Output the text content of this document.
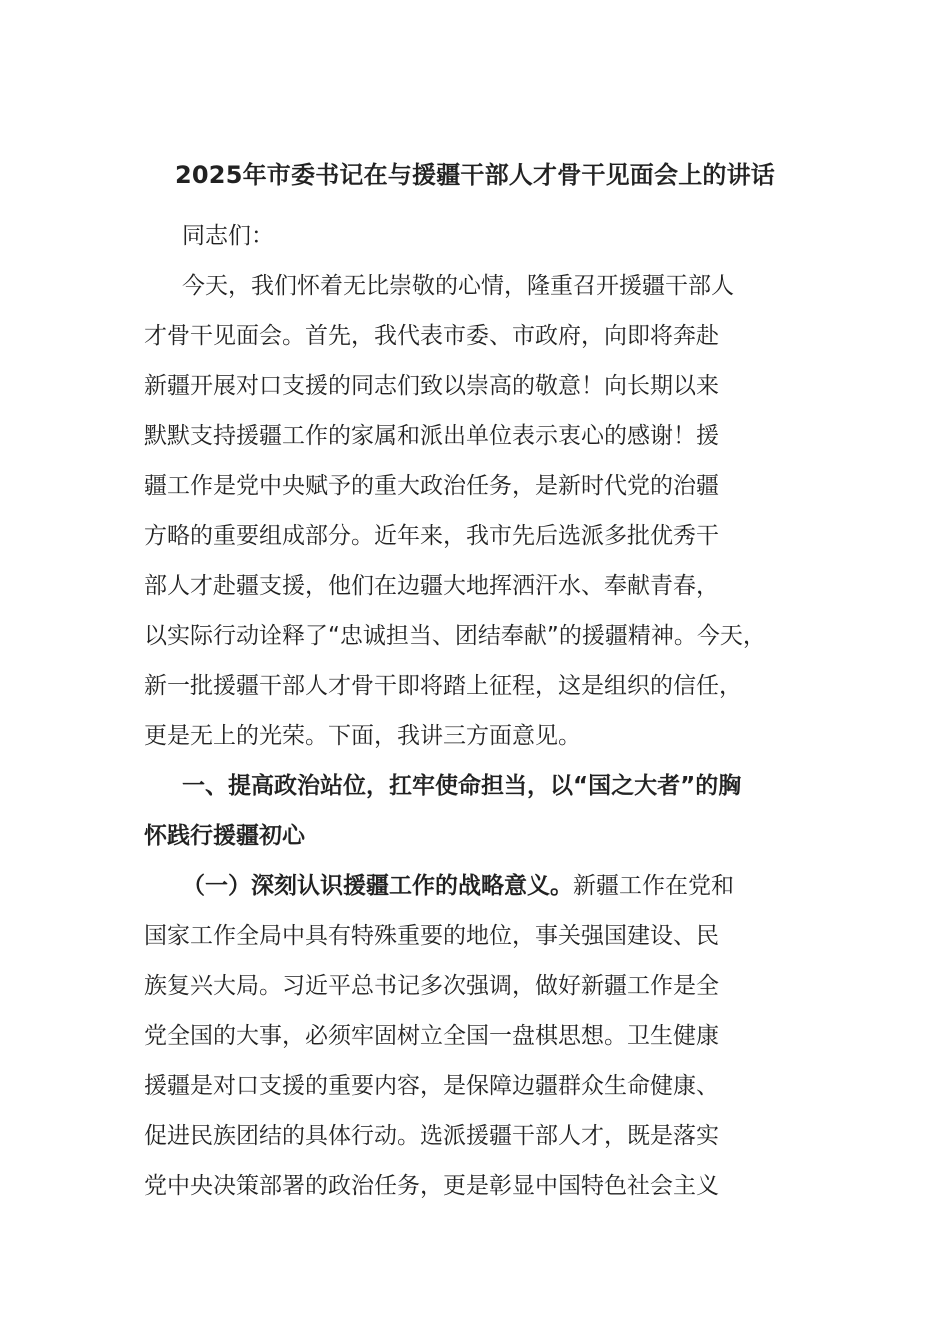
2025年市委书记在与援疆干部人才骨干见面会上的讲话
同志们：
今天，我们怀着无比崇敬的心情，隆重召开援疆干部人
才骨干见面会。首先，我代表市委、市政府，向即将奔赴
新疆开展对口支援的同志们致以崇高的敬意！向长期以来
默默支持援疆工作的家属和派出单位表示衷心的感谢！援
疆工作是党中央赋予的重大政治任务，是新时代党的治疆
方略的重要组成部分。近年来，我市先后选派多批优秀干
部人才赴疆支援，他们在边疆大地挥洒汗水、奉献青春，
以实际行动诠释了“忠诚担当、团结奉献”的援疆精神。今天，
新一批援疆干部人才骨干即将踏上征程，这是组织的信任，
更是无上的光荣。下面，我讲三方面意见。
一、提高政治站位，扛牢使命担当，以“国之大者”的胸
怀践行援疆初心
（一）深刻认识援疆工作的战略意义。新疆工作在党和
国家工作全局中具有特殊重要的地位，事关强国建设、民
族复兴大局。习近平总书记多次强调，做好新疆工作是全
党全国的大事，必须牢固树立全国一盘棋思想。卫生健康
援疆是对口支援的重要内容，是保障边疆群众生命健康、
促进民族团结的具体行动。选派援疆干部人才，既是落实
党中央决策部署的政治任务，更是彰显中国特色社会主义
